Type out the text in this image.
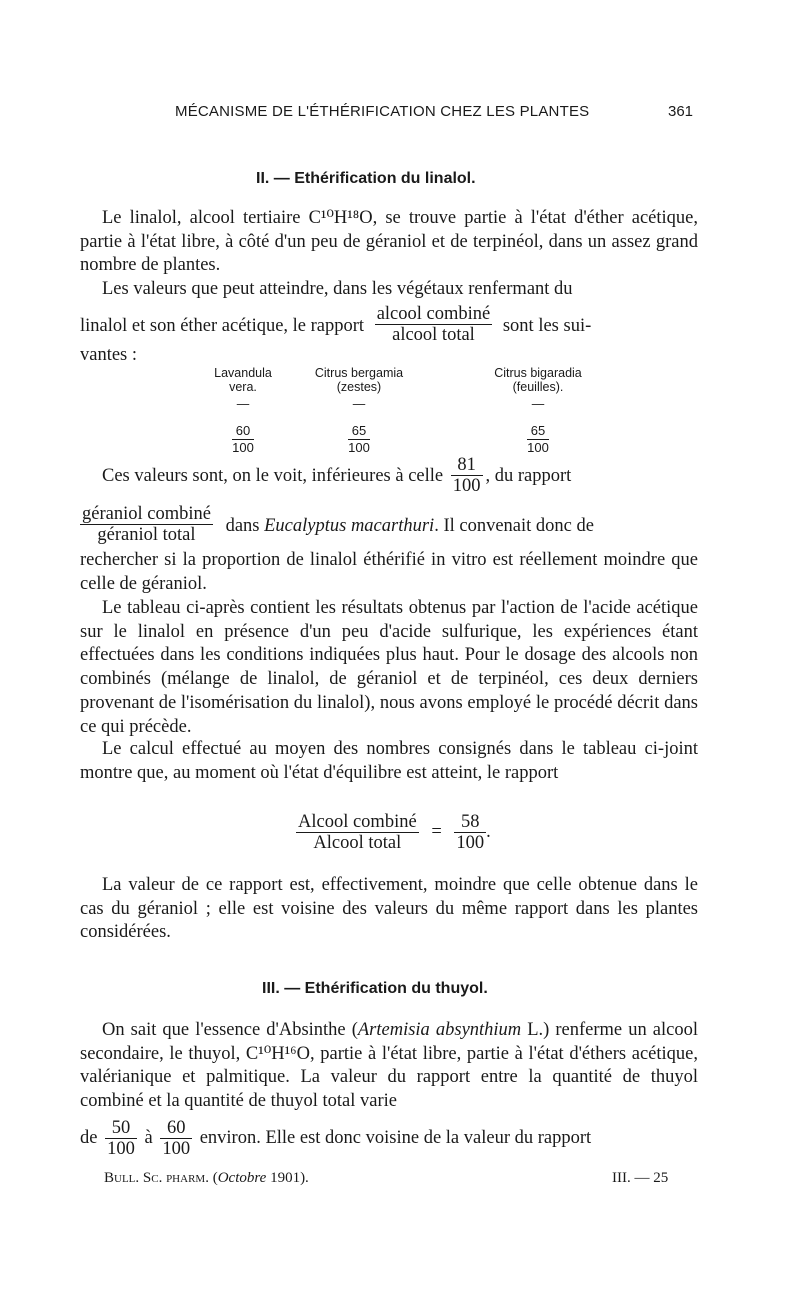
MÉCANISME DE L'ÉTHÉRIFICATION CHEZ LES PLANTES	361
II. — Ethérification du linalol.
Le linalol, alcool tertiaire C¹⁰H¹⁸O, se trouve partie à l'état d'éther acétique, partie à l'état libre, à côté d'un peu de géraniol et de terpinéol, dans un assez grand nombre de plantes.
Les valeurs que peut atteindre, dans les végétaux renfermant du
linalol et son éther acétique, le rapport $\frac{\text{alcool combiné}}{\text{alcool total}}$ sont les sui-
vantes :
Lavandula
vera.
—
$\frac{60}{100}$
Citrus bergamia
(zestes)
—
$\frac{65}{100}$
Citrus bigaradia
(feuilles).
—
$\frac{65}{100}$
Ces valeurs sont, on le voit, inférieures à celle $\frac{81}{100}$ , du rapport
$\frac{\text{géraniol combiné}}{\text{géraniol total}}$ dans Eucalyptus macarthuri. Il convenait donc de
rechercher si la proportion de linalol éthérifié in vitro est réellement moindre que celle de géraniol.
Le tableau ci-après contient les résultats obtenus par l'action de l'acide acétique sur le linalol en présence d'un peu d'acide sulfurique, les expériences étant effectuées dans les conditions indiquées plus haut. Pour le dosage des alcools non combinés (mélange de linalol, de géraniol et de terpinéol, ces deux derniers provenant de l'isomérisation du linalol), nous avons employé le procédé décrit dans ce qui précède.
Le calcul effectué au moyen des nombres consignés dans le tableau ci-joint montre que, au moment où l'état d'équilibre est atteint, le rapport
$\frac{\text{Alcool combiné}}{\text{Alcool total}} = \frac{58}{100}$ .
La valeur de ce rapport est, effectivement, moindre que celle obtenue dans le cas du géraniol ; elle est voisine des valeurs du même rapport dans les plantes considérées.
III. — Ethérification du thuyol.
On sait que l'essence d'Absinthe (Artemisia absynthium L.) renferme un alcool secondaire, le thuyol, C¹⁰H¹⁶O, partie à l'état libre, partie à l'état d'éthers acétique, valérianique et palmitique. La valeur du rapport entre la quantité de thuyol combiné et la quantité de thuyol total varie
de $\frac{50}{100}$ à $\frac{60}{100}$ environ. Elle est donc voisine de la valeur du rapport
Bull. Sc. pharm. (Octobre 1901).	III. — 25
